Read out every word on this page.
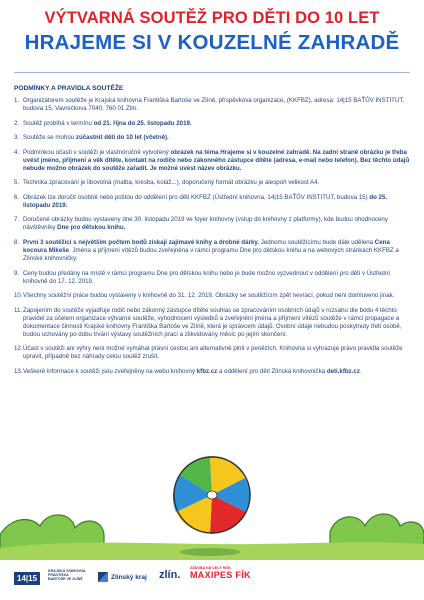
VÝTVARNÁ SOUTĚŽ PRO DĚTI DO 10 LET
HRAJEME SI V KOUZELNÉ ZAHRADĚ
PODMÍNKY A PRAVIDLA SOUTĚŽE
1. Organizátorem soutěže je Krajská knihovna Františka Bartoše ve Zlíně, příspěvková organizace, (KKFBZ), adresa: 14|15 BAŤŮV INSTITUT, budova 15, Vavrečkova 7040, 760 01 Zlín.
2. Soutěž probíhá v termínu od 21. října do 25. listopadu 2019.
3. Soutěže se mohou zúčastnit děti do 10 let (včetně).
4. Podmínkou účasti v soutěži je vlastnoručně vytvořený obrázek na téma Hrajeme si v kouzelné zahradě. Na zadní straně obrázku je třeba uvést jméno, příjmení a věk dítěte, kontakt na rodiče nebo zákonného zástupce dítěte (adresa, e-mail nebo telefon). Bez těchto údajů nebude možno obrázek do soutěže zařadit. Je možné uvést název obrázku.
5. Technika zpracování je libovolná (malba, kresba, koláž...), doporučený formát obrázku je alespoň velikost A4.
6. Obrázek lze doručit osobně nebo poštou do oddělení pro děti KKFBZ (Ústřední knihovna, 14|15 BAŤŮV INSTITUT, budova 15) do 25. listopadu 2019.
7. Doručené obrázky budou vystaveny dne 30. listopadu 2019 ve foyer knihovny (vstup do knihovny z platformy), kde budou ohodnoceny návštěvníky Dne pro dětskou knihu.
8. První 3 soutěžící s největším počtem bodů získají zajímavé knihy a drobné dárky. Jednomu soutěžícímu bude dále udělena Cena kocoura Mikeše. Jména a příjmení vítězů budou zveřejněna v rámci programu Dne pro dětskou knihu a na webových stránkách KKFBZ a Zlínské knihovničky.
9. Ceny budou předány na místě v rámci programu Dne pro dětskou knihu nebo je bude možno vyzvednout v oddělení pro děti v Ústřední knihovně do 17. 12. 2019.
10. Všechny soutěžní práce budou vystaveny v knihovně do 31. 12. 2019. Obrázky se soutěžícím zpět nevrací, pokud není domluveno jinak.
11. Zapojením do soutěže vyjadřuje rodič nebo zákonný zástupce dítěte souhlas se zpracováním osobních údajů v rozsahu dle bodu 4 těchto pravidel za účelem organizace výtvarné soutěže, vyhodnocení výsledků a zveřejnění jména a příjmení vítězů soutěže v rámci propagace a dokumentace činnosti Krajské knihovny Františka Bartoše ve Zlíně, která je správcem údajů. Osobní údaje nebudou poskytnuty třetí osobě, budou uchovány po dobu trvání výstavy soutěžních prací a zlikvidovány měsíc po jejím skončení.
12. Účast v soutěži ani výhry není možné vymáhat právní cestou ani alternativně plnit v penězích. Knihovna si vyhrazuje právo pravidla soutěže upravit, případně bez náhrady celou soutěž zrušit.
13. Veškeré informace k soutěži jsou zveřejněny na webu knihovny kfbz.cz a oddělení pro děti Zlínská knihovnička deti.kfbz.cz.
14|15
KRAJSKÁ KNIHOVNA FRANTIŠKA BARTOŠE VE ZLÍNĚ	Zlínský kraj zlín.
ZÁSOBA NA CELÝ ROK
MAXIPES FÍK
